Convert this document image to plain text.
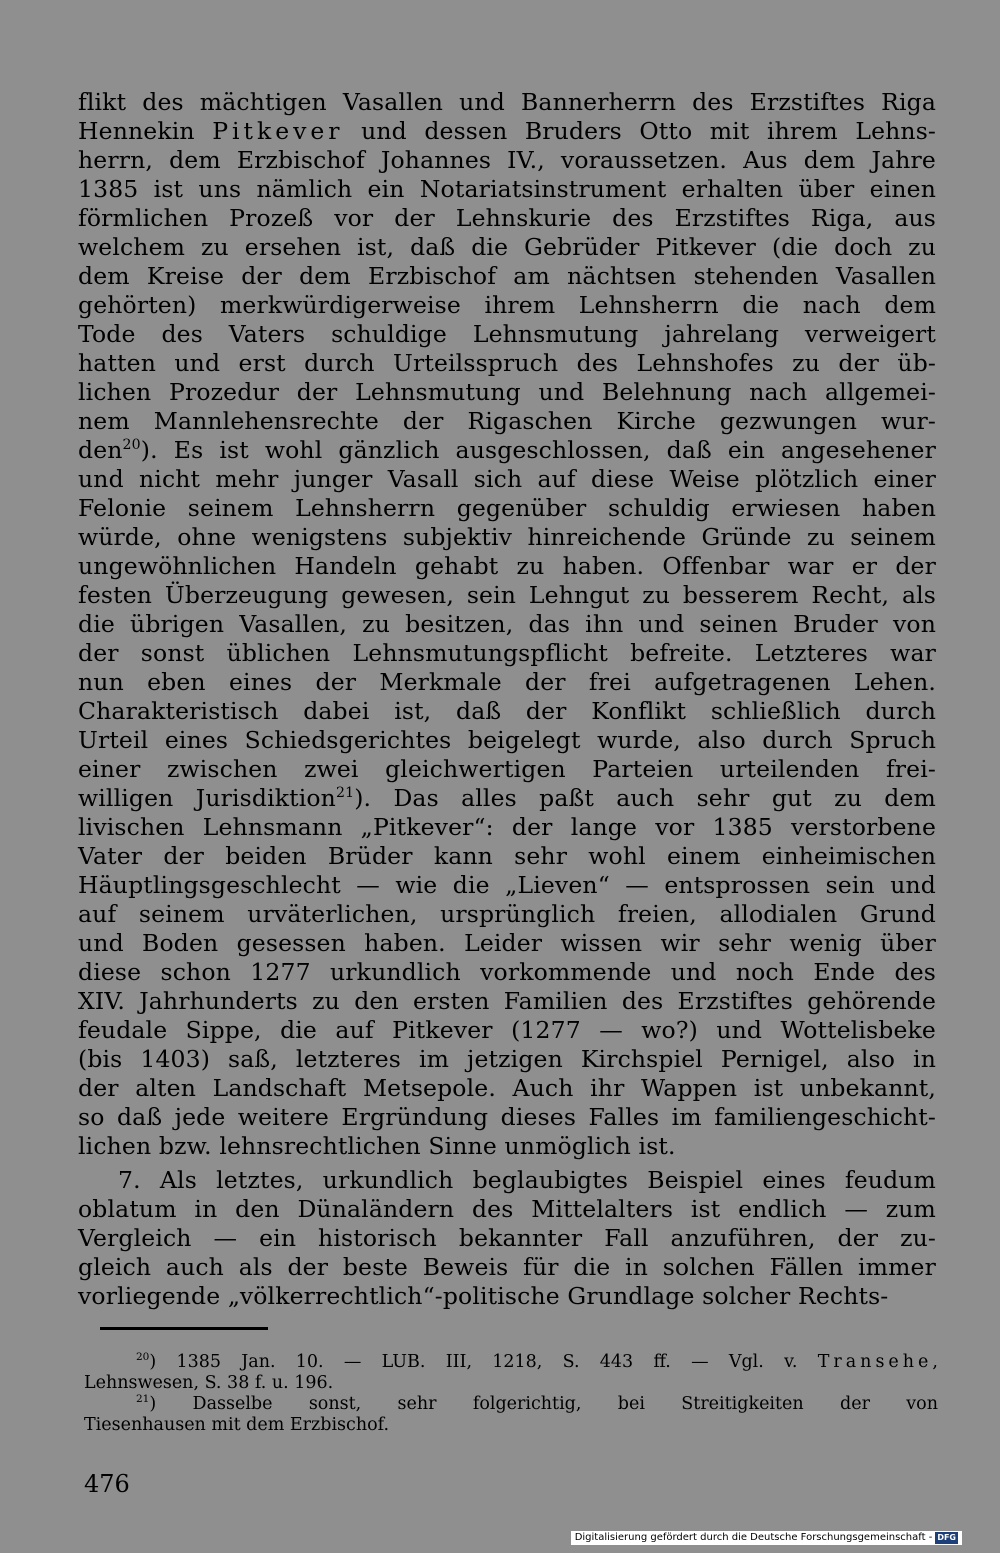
flikt des mächtigen Vasallen und Bannerherrn des Erzstiftes Riga
Hennekin Pitkever und dessen Bruders Otto mit ihrem Lehns-
herrn, dem Erzbischof Johannes IV., voraussetzen. Aus dem Jahre
1385 ist uns nämlich ein Notariatsinstrument erhalten über einen
förmlichen Prozeß vor der Lehnskurie des Erzstiftes Riga, aus
welchem zu ersehen ist, daß die Gebrüder Pitkever (die doch zu
dem Kreise der dem Erzbischof am nächtsen stehenden Vasallen
gehörten) merkwürdigerweise ihrem Lehnsherrn die nach dem
Tode des Vaters schuldige Lehnsmutung jahrelang verweigert
hatten und erst durch Urteilsspruch des Lehnshofes zu der üb-
lichen Prozedur der Lehnsmutung und Belehnung nach allgemei-
nem Mannlehensrechte der Rigaschen Kirche gezwungen wur-
den$^{20}$). Es ist wohl gänzlich ausgeschlossen, daß ein angesehener
und nicht mehr junger Vasall sich auf diese Weise plötzlich einer
Felonie seinem Lehnsherrn gegenüber schuldig erwiesen haben
würde, ohne wenigstens subjektiv hinreichende Gründe zu seinem
ungewöhnlichen Handeln gehabt zu haben. Offenbar war er der
festen Überzeugung gewesen, sein Lehngut zu besserem Recht, als
die übrigen Vasallen, zu besitzen, das ihn und seinen Bruder von
der sonst üblichen Lehnsmutungspflicht befreite. Letzteres war
nun eben eines der Merkmale der frei aufgetragenen Lehen.
Charakteristisch dabei ist, daß der Konflikt schließlich durch
Urteil eines Schiedsgerichtes beigelegt wurde, also durch Spruch
einer zwischen zwei gleichwertigen Parteien urteilenden frei-
willigen Jurisdiktion$^{21}$). Das alles paßt auch sehr gut zu dem
livischen Lehnsmann „Pitkever“: der lange vor 1385 verstorbene
Vater der beiden Brüder kann sehr wohl einem einheimischen
Häuptlingsgeschlecht — wie die „Lieven“ — entsprossen sein und
auf seinem urväterlichen, ursprünglich freien, allodialen Grund
und Boden gesessen haben. Leider wissen wir sehr wenig über
diese schon 1277 urkundlich vorkommende und noch Ende des
XIV. Jahrhunderts zu den ersten Familien des Erzstiftes gehörende
feudale Sippe, die auf Pitkever (1277 — wo?) und Wottelisbeke
(bis 1403) saß, letzteres im jetzigen Kirchspiel Pernigel, also in
der alten Landschaft Metsepole. Auch ihr Wappen ist unbekannt,
so daß jede weitere Ergründung dieses Falles im familiengeschicht-
lichen bzw. lehnsrechtlichen Sinne unmöglich ist.
7. Als letztes, urkundlich beglaubigtes Beispiel eines feudum
oblatum in den Dünaländern des Mittelalters ist endlich — zum
Vergleich — ein historisch bekannter Fall anzuführen, der zu-
gleich auch als der beste Beweis für die in solchen Fällen immer
vorliegende „völkerrechtlich“-politische Grundlage solcher Rechts-
$^{20}$) 1385 Jan. 10. — LUB. III, 1218, S. 443 ff. — Vgl. v. Transehe,
Lehnswesen, S. 38 f. u. 196.
$^{21}$) Dasselbe sonst, sehr folgerichtig, bei Streitigkeiten der von
Tiesenhausen mit dem Erzbischof.
476
Digitalisierung gefördert durch die Deutsche Forschungsgemeinschaft - DFG
